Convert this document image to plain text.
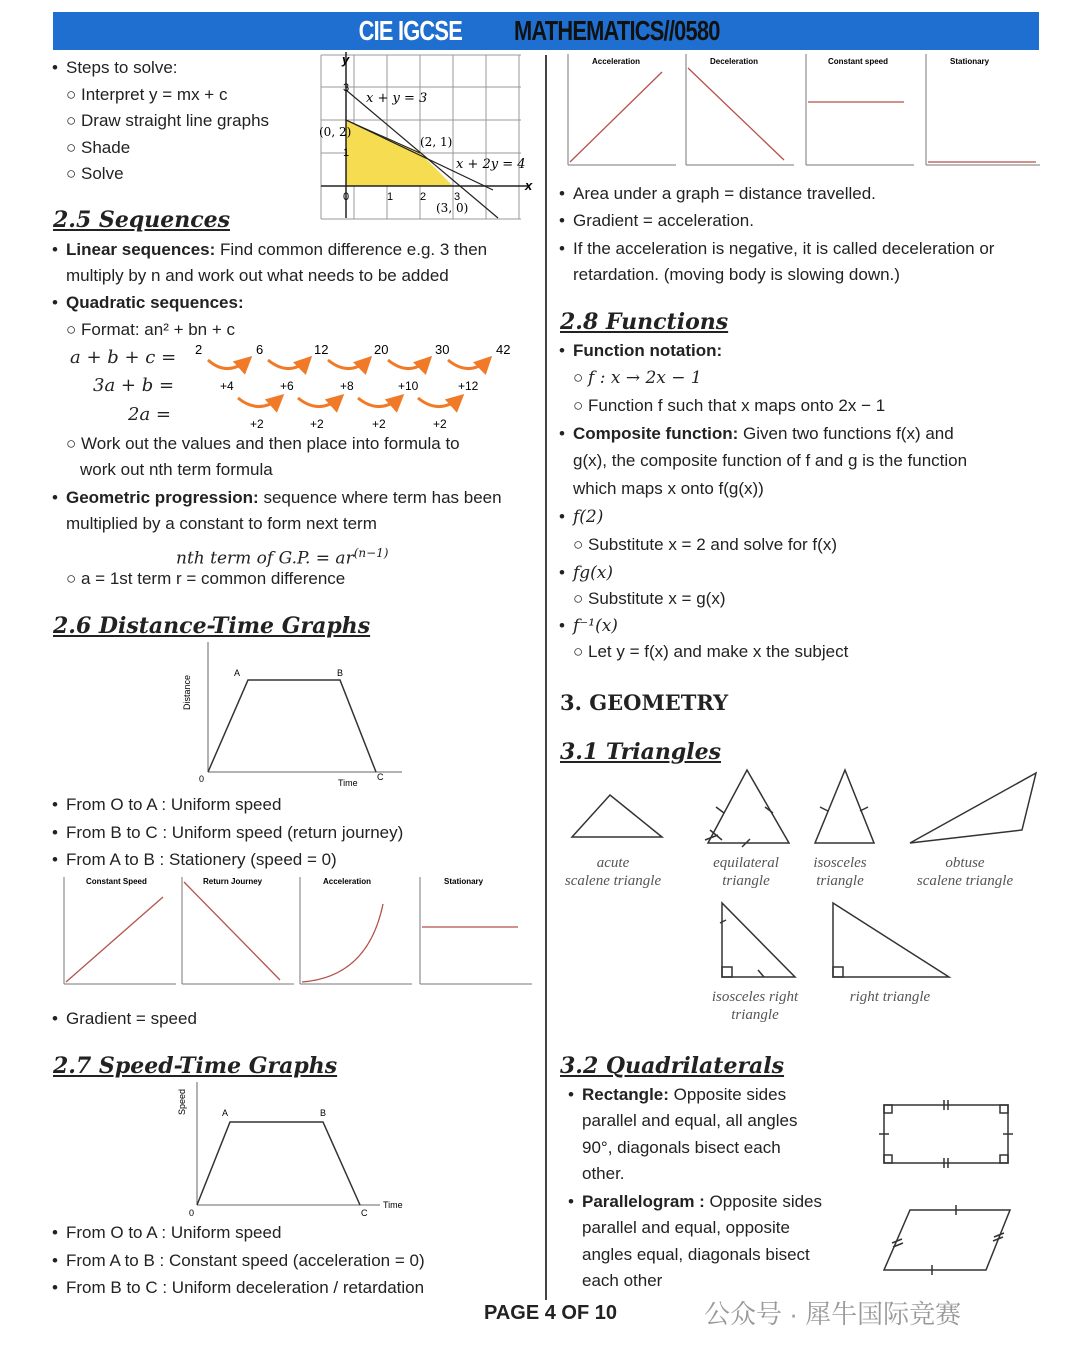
CIE IGCSE MATHEMATICS//0580
• Steps to solve:
○ Interpret y = mx + c
○ Draw straight line graphs
○ Shade
○ Solve
y
x
x + y = 3
x + 2y = 4
(0, 2)
(2, 1)
(3, 0)
0	1 2	3
3
1
2.5 Sequences
• Linear sequences: Find common difference e.g. 3 then
multiply by n and work out what needs to be added
• Quadratic sequences:
○ Format: an² + bn + c
a + b + c =
3a + b =
2a =
2	6	12	20	30	42
+4	+6	+8	+10	+12
+2	+2	+2	+2
○ Work out the values and then place into formula to
work out nth term formula
• Geometric progression: sequence where term has been
multiplied by a constant to form next term
nth term of G.P. = $ar^{(n-1)}$
○ a = 1st term r = common difference
2.6 Distance-Time Graphs
Distance
Time
A	B
C
0
• From O to A : Uniform speed
• From B to C : Uniform speed (return journey)
• From A to B : Stationery (speed = 0)
Constant Speed	Return Journey	Acceleration	Stationary
• Gradient = speed
2.7 Speed-Time Graphs
Speed
Time
A	B
C
0
• From O to A : Uniform speed
• From A to B : Constant speed (acceleration = 0)
• From B to C : Uniform deceleration / retardation
Acceleration	Deceleration	Constant speed	Stationary
• Area under a graph = distance travelled.
• Gradient = acceleration.
• If the acceleration is negative, it is called deceleration or
retardation. (moving body is slowing down.)
2.8 Functions
• Function notation:
○ f : x → 2x − 1
○ Function f such that x maps onto 2x − 1
• Composite function: Given two functions f(x) and
g(x), the composite function of f and g is the function
which maps x onto f(g(x))
• f(2)
○ Substitute x = 2 and solve for f(x)
• fg(x)
○ Substitute x = g(x)
• f⁻¹(x)
○ Let y = f(x) and make x the subject
3. GEOMETRY
3.1 Triangles
acute
scalene triangle
equilateral
triangle
isosceles
triangle
obtuse
scalene triangle
isosceles right
triangle
right triangle
3.2 Quadrilaterals
• Rectangle: Opposite sides
parallel and equal, all angles
90°, diagonals bisect each
other.
• Parallelogram : Opposite sides
parallel and equal, opposite
angles equal, diagonals bisect
each other
PAGE 4 OF 10	公众号 · 犀牛国际竞赛
